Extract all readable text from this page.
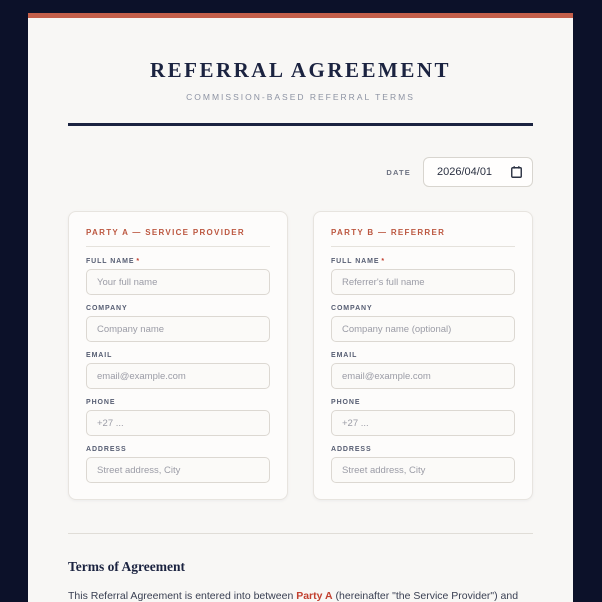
REFERRAL AGREEMENT
COMMISSION-BASED REFERRAL TERMS
DATE 2026/04/01
PARTY A — SERVICE PROVIDER
FULL NAME *
Your full name
COMPANY
Company name
EMAIL
email@example.com
PHONE
+27 ...
ADDRESS
Street address, City
PARTY B — REFERRER
FULL NAME *
Referrer's full name
COMPANY
Company name (optional)
EMAIL
email@example.com
PHONE
+27 ...
ADDRESS
Street address, City
Terms of Agreement

This Referral Agreement is entered into between Party A (hereinafter "the Service Provider") and
